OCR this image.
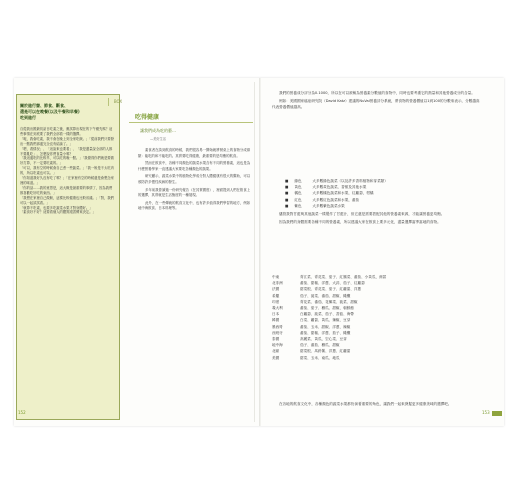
BOX
關於進行齋、節食、斷食、
還是可以在晚餐(以及午餐和早餐)
吃到進行

自從我出國最初訪日吃素之後，應試算出現在的下午應先嗎？這些事情在到底要了我們全部看一樣的選擇。

「呃，我會吃素，我不會在晚上到全家吃飯。」「從前我們只要發出一點我們那邊完全沒有結論了。」

「嗯，看情況」、「這說來也要看」、「我是盡量說全部的人都不要亂吃」，怎麼說你們食量小嗎？

「我這邊吃的比較早，可以吃的晚一點。」「我覺得你們就是要做好打算，不一定要吃素的。」

「可以，我有空的時候會自己煮一些蔬菜。」「我一般是不太吃肉的，所以吃素也可以。」

「你知道我好久沒有吃了嗎？」「在家裡有空的時候還是會想念家裡的味道。」

「你的話……我的意思是，這大概是最重要的事情了，因為我們都喜歡吃好吃的東西。」

「我想在家裡自己做飯，這樣比較健康也比較省錢。」「對，我們可以一起試試看。」

「就算不吃素，也要多吃蔬菜水果才對身體好。」

「素食好不好？這要看個人的體質跟習慣來決定。」

吃得健康
讓我們成為吃的藝…
—美好生活

素食者在談到飲食的時候，我們很容易一開始就將餐桌上的食物分成兩類：能吃的和不能吃的。其實要吃得健康，最重要的是均衡的飲食。

然而在飲食中，各種不同顏色的蔬菜水果含有不同的營養素，這也是為什麼營養學家一直建議大家要吃各種顏色的蔬果。

研究顯示，蔬菜水果中的植物化學成分對人體健康有很大的幫助，可以預防許多慢性疾病的發生。

多年前我曾讀過一份研究報告《在其實國度》，裡面提到人們在飲食上的選擇，其實就是生活態度的一種展現。

此外，在一些傳統的飲食文化中，也有許多值得我們學習的地方，例如地中海飲食、日本料理等。

152

我們的營養成分評分為0.1000，所以在可以被稱為營養素分數值的食物中，同時也要考慮它的熱量和其他營養成分的含量。

例如：美國國家癌症研究院（David Katz）建議的NuVal營養評分系統，將食物的營養價值以1到100的分數來表示，分數越高代表營養價值越高。

■ 綠色	大多數綠色蔬菜（以及許多香料植物和芽菜類）
■ 黃色	大多數黃色蔬菜，香蕉及其他水果
■ 橘色	大多數橘色蔬菜和水果，紅蘿蔔，柑橘
■ 紅色	大多數紅色蔬菜和水果，番茄
■ 紫色	大多數紫色蔬菜水果

儘管我對甘藍與其他蔬菜一樣製作了甘藍汁，但它還是需要搭配其他的營養素來源，才能讓營養更均衡。

因為我們的身體需要各種不同的營養素，所以建議大家在飲食上要多元化，盡量選擇當季當地的食物。

中東	青江菜、青花菜、茄子、紅鳳菜、番茄、小黃瓜、茼蒿
北非洲	番茄、甜椒、洋蔥、大蒜、茄子、紅蘿蔔
法國	甜菜根、青花菜、茄子、紅蘿蔔、洋蔥
希臘	茄子、菠菜、番茄、甜椒、橄欖
印度	青花菜、番茄、花椰菜、菠菜、甜椒
義大利	番茄、茄子、櫛瓜、甜椒、朝鮮薊
日本	白蘿蔔、菠菜、茄子、香菇、海帶
韓國	白菜、蘿蔔、黃瓜、辣椒、豆芽
墨西哥	番茄、玉米、甜椒、洋蔥、辣椒
西班牙	番茄、甜椒、洋蔥、茄子、橄欖
泰國	高麗菜、黃瓜、空心菜、豆芽
地中海	茄子、番茄、櫛瓜、甜椒
北歐	甜菜根、馬鈴薯、洋蔥、紅蘿蔔
美國	甜菜、玉米、南瓜、地瓜

在各地的飲食文化中，各種顏色的蔬菜水果都扮演著重要的角色，讓我們一起來發掘更多健康美味的選擇吧。

153
